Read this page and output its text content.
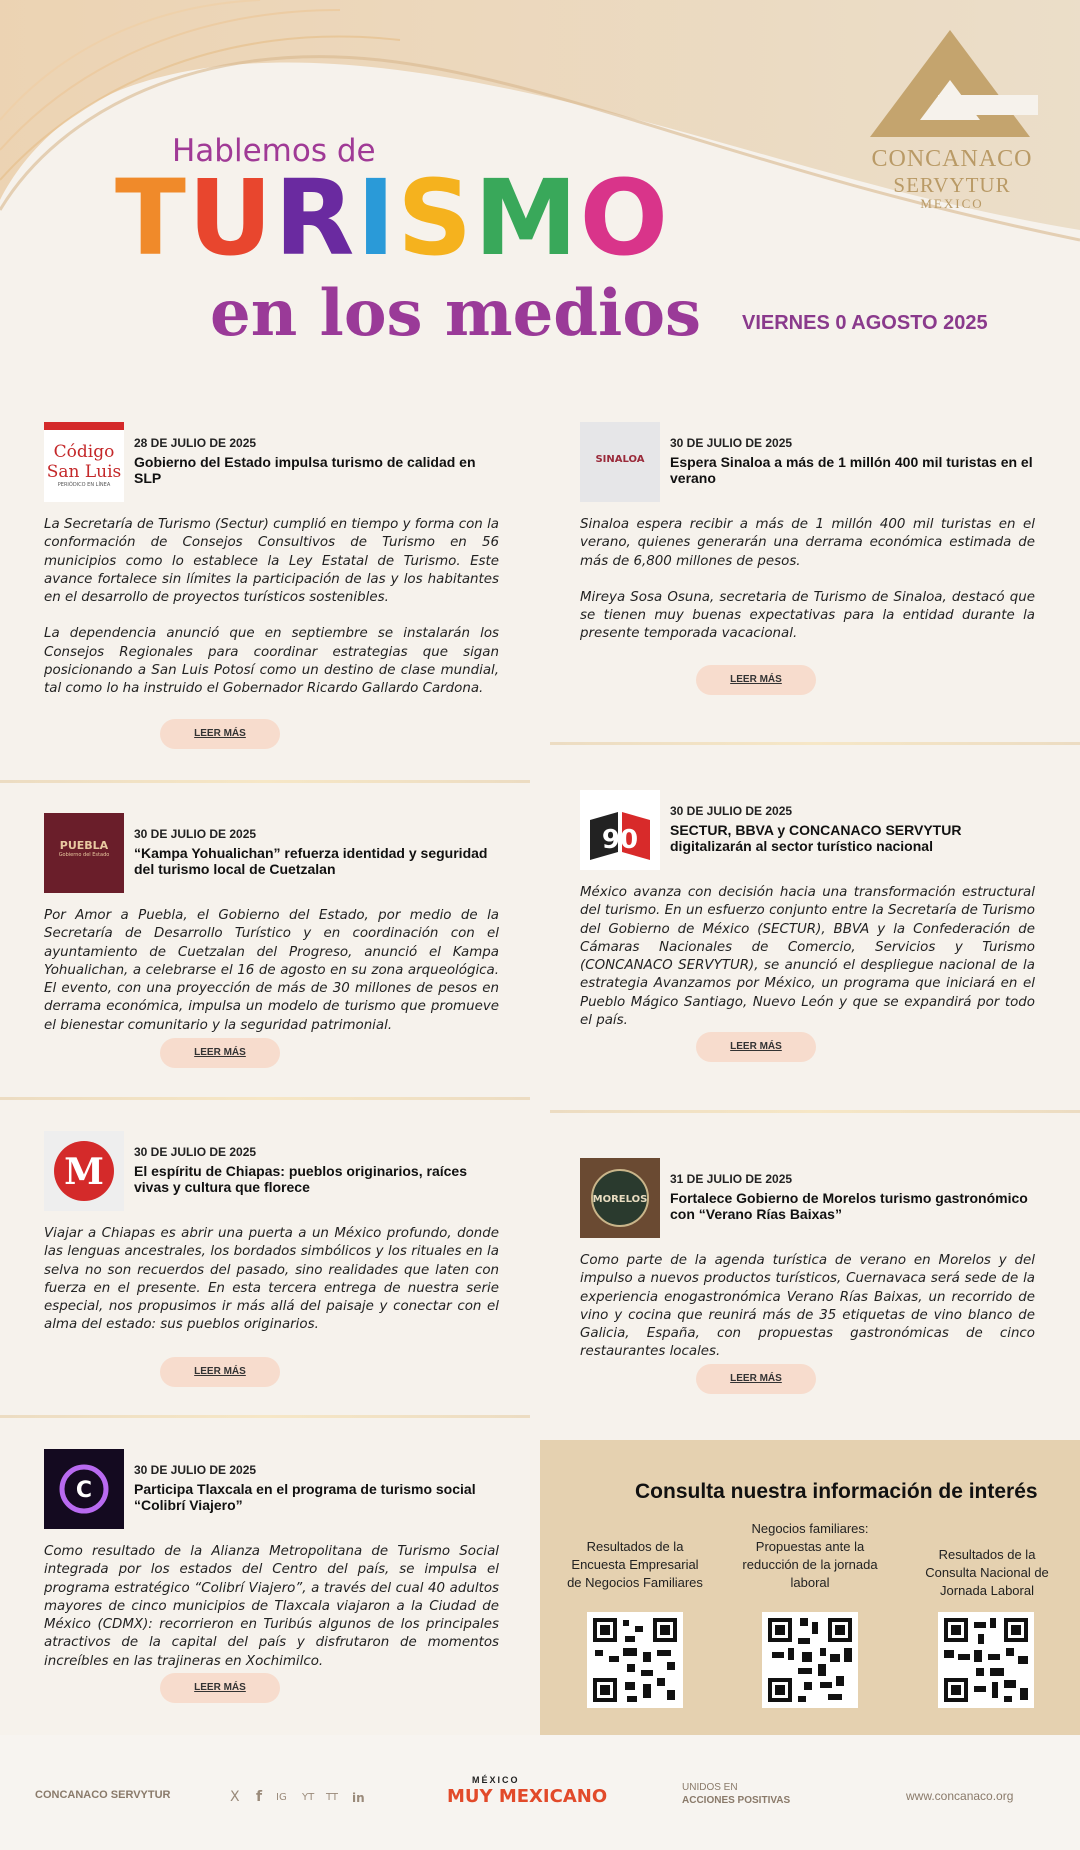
Hablemos de
TURISMO
en los medios VIERNES 0 AGOSTO 2025
CONCANACO
SERVYTUR
MEXICO
Código San Luis
PERIÓDICO EN LÍNEA
28 DE JULIO DE 2025
Gobierno del Estado impulsa turismo de calidad en SLP

La Secretaría de Turismo (Sectur) cumplió en tiempo y forma con la conformación de Consejos Consultivos de Turismo en 56 municipios como lo establece la Ley Estatal de Turismo. Este avance fortalece sin límites la participación de las y los habitantes en el desarrollo de proyectos turísticos sostenibles.

La dependencia anunció que en septiembre se instalarán los Consejos Regionales para coordinar estrategias que sigan posicionando a San Luis Potosí como un destino de clase mundial, tal como lo ha instruido el Gobernador Ricardo Gallardo Cardona.

LEER MÁS
SINALOA
30 DE JULIO DE 2025
Espera Sinaloa a más de 1 millón 400 mil turistas en el verano

Sinaloa espera recibir a más de 1 millón 400 mil turistas en el verano, quienes generarán una derrama económica estimada de más de 6,800 millones de pesos.

Mireya Sosa Osuna, secretaria de Turismo de Sinaloa, destacó que se tienen muy buenas expectativas para la entidad durante la presente temporada vacacional.

LEER MÁS
PUEBLA
Gobierno del Estado
30 DE JULIO DE 2025
“Kampa Yohualichan” refuerza identidad y seguridad del turismo local de Cuetzalan

Por Amor a Puebla, el Gobierno del Estado, por medio de la Secretaría de Desarrollo Turístico y en coordinación con el ayuntamiento de Cuetzalan del Progreso, anunció el Kampa Yohualichan, a celebrarse el 16 de agosto en su zona arqueológica. El evento, con una proyección de más de 30 millones de pesos en derrama económica, impulsa un modelo de turismo que promueve el bienestar comunitario y la seguridad patrimonial.

LEER MÁS
90
30 DE JULIO DE 2025
SECTUR, BBVA y CONCANACO SERVYTUR digitalizarán al sector turístico nacional

México avanza con decisión hacia una transformación estructural del turismo. En un esfuerzo conjunto entre la Secretaría de Turismo del Gobierno de México (SECTUR), BBVA y la Confederación de Cámaras Nacionales de Comercio, Servicios y Turismo (CONCANACO SERVYTUR), se anunció el despliegue nacional de la estrategia Avanzamos por México, un programa que iniciará en el Pueblo Mágico Santiago, Nuevo León y que se expandirá por todo el país.

LEER MÁS
M	30 DE JULIO DE 2025
El espíritu de Chiapas: pueblos originarios, raíces vivas y cultura que florece

Viajar a Chiapas es abrir una puerta a un México profundo, donde las lenguas ancestrales, los bordados simbólicos y los rituales en la selva no son recuerdos del pasado, sino realidades que laten con fuerza en el presente. En esta tercera entrega de nuestra serie especial, nos propusimos ir más allá del paisaje y conectar con el alma del estado: sus pueblos originarios.

LEER MÁS
MORELOS
31 DE JULIO DE 2025
Fortalece Gobierno de Morelos turismo gastronómico con “Verano Rías Baixas”

Como parte de la agenda turística de verano en Morelos y del impulso a nuevos productos turísticos, Cuernavaca será sede de la experiencia enogastronómica Verano Rías Baixas, un recorrido de vino y cocina que reunirá más de 35 etiquetas de vino blanco de Galicia, España, con propuestas gastronómicas de cinco restaurantes locales.

LEER MÁS
C
30 DE JULIO DE 2025
Participa Tlaxcala en el programa de turismo social “Colibrí Viajero”

Como resultado de la Alianza Metropolitana de Turismo Social integrada por los estados del Centro del país, se impulsa el programa estratégico “Colibrí Viajero”, a través del cual 40 adultos mayores de cinco municipios de Tlaxcala viajaron a la Ciudad de México (CDMX): recorrieron en Turibús algunos de los principales atractivos de la capital del país y disfrutaron de momentos increíbles en las trajineras en Xochimilco.

LEER MÁS
Consulta nuestra información de interés
Resultados de la Encuesta Empresarial de Negocios Familiares
Negocios familiares: Propuestas ante la reducción de la jornada laboral
Resultados de la Consulta Nacional de Jornada Laboral
CONCANACO SERVYTUR	X f IG YT TT in
MÉXICO
MUY MEXICANO	UNIDOS EN
ACCIONES POSITIVAS	www.concanaco.org
